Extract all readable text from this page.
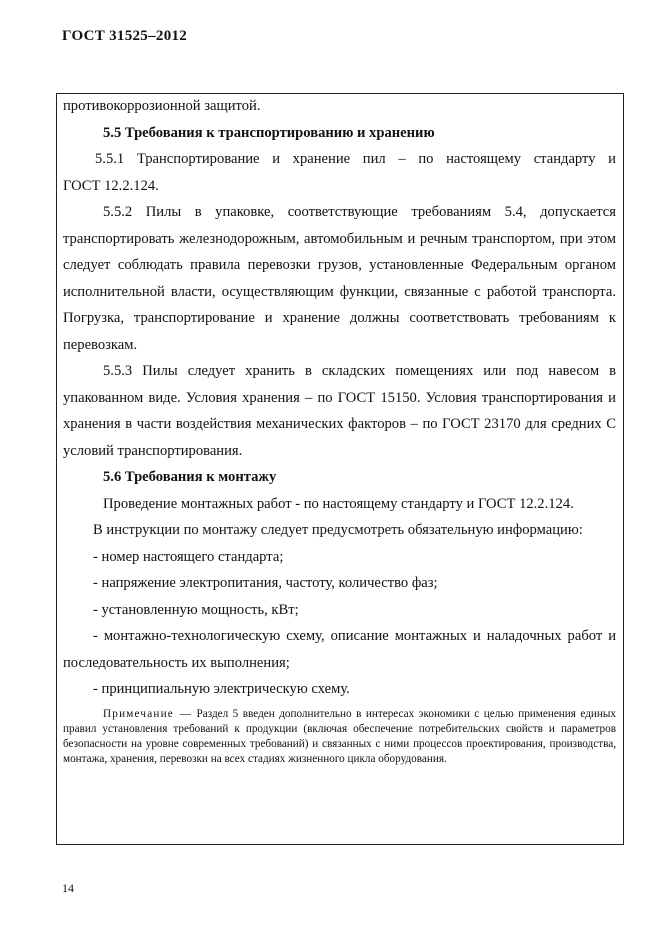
ГОСТ 31525–2012

противокоррозионной защитой.

5.5 Требования к транспортированию и хранению

5.5.1 Транспортирование и хранение пил – по настоящему стандарту и

ГОСТ 12.2.124.

5.5.2 Пилы в упаковке, соответствующие требованиям 5.4, допускается транспортировать железнодорожным, автомобильным и речным транспортом, при этом следует соблюдать правила перевозки грузов, установленные Федеральным органом исполнительной власти, осуществляющим функции, связанные с работой транспорта. Погрузка, транспортирование и хранение должны соответствовать требованиям к перевозкам.

5.5.3 Пилы следует хранить в складских помещениях или под навесом в упакованном виде. Условия хранения – по ГОСТ 15150. Условия транспортирования и хранения в части воздействия механических факторов – по ГОСТ 23170 для средних С условий транспортирования.

5.6 Требования к монтажу

Проведение монтажных работ - по настоящему стандарту и ГОСТ 12.2.124.

В инструкции по монтажу следует предусмотреть обязательную информацию:

- номер настоящего стандарта;

- напряжение электропитания, частоту, количество фаз;

- установленную мощность, кВт;

- монтажно-технологическую схему, описание монтажных и наладочных работ и последовательность их выполнения;

- принципиальную электрическую схему.

Примечание — Раздел 5 введен дополнительно в интересах экономики с целью применения единых правил установления требований к продукции (включая обеспечение потребительских свойств и параметров безопасности на уровне современных требований) и связанных с ними процессов проектирования, производства, монтажа, хранения, перевозки на всех стадиях жизненного цикла оборудования.

14
